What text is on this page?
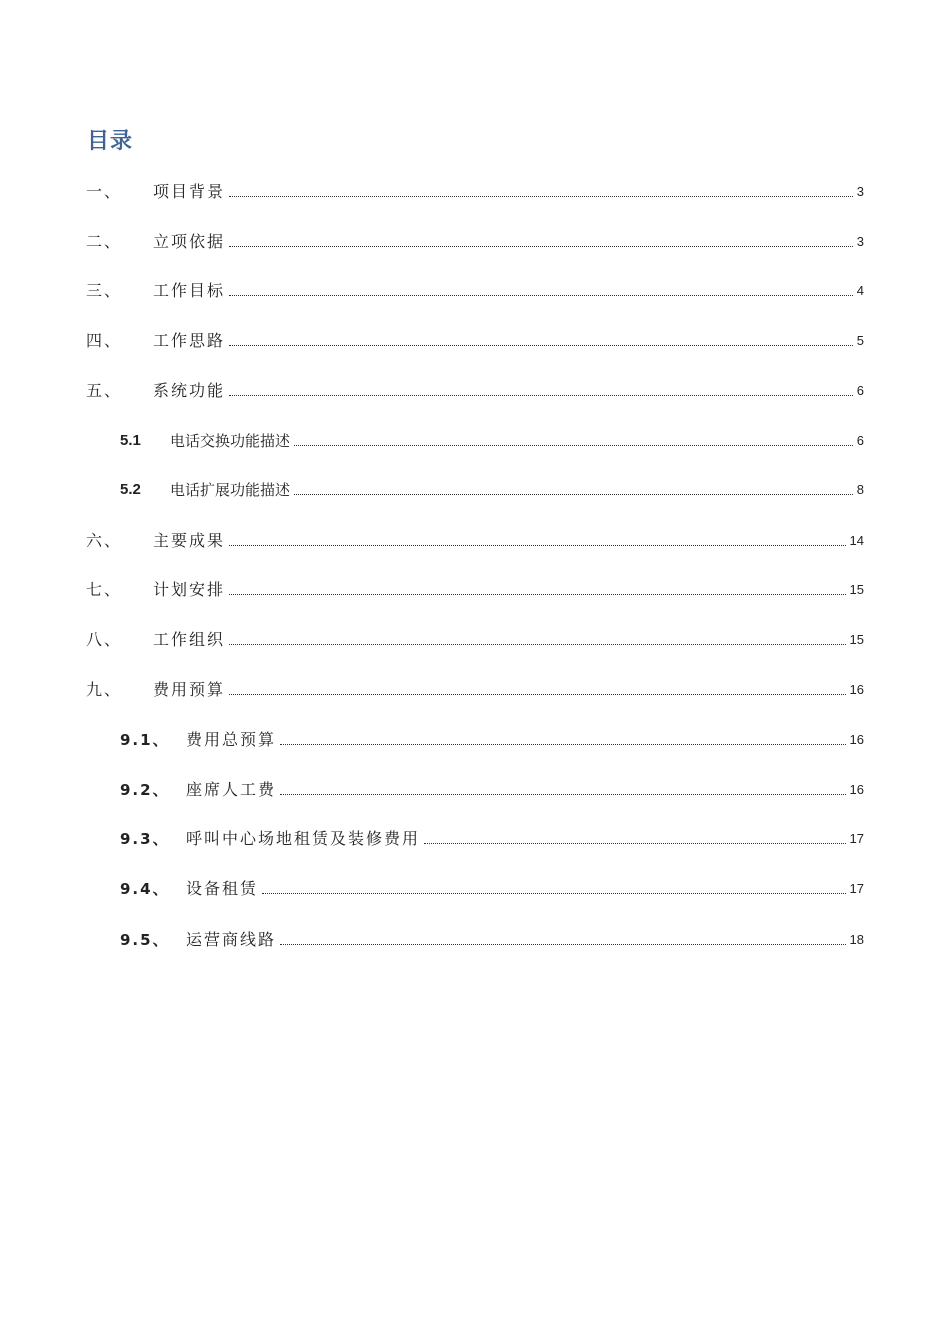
目录
一、	项目背景	3
二、	立项依据	3
三、	工作目标	4
四、	工作思路	5
五、	系统功能	6
5.1	电话交换功能描述	6
5.2	电话扩展功能描述	8
六、	主要成果	14
七、	计划安排	15
八、	工作组织	15
九、	费用预算	16
9.1、	费用总预算	16
9.2、	座席人工费	16
9.3、	呼叫中心场地租赁及装修费用	17
9.4、	设备租赁	17
9.5、	运营商线路	18
